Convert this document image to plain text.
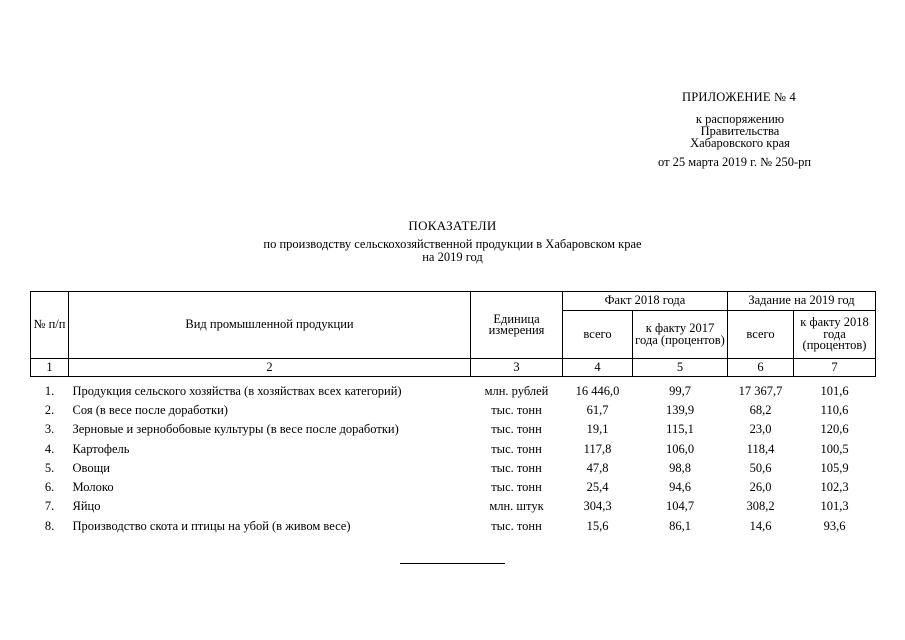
ПРИЛОЖЕНИЕ № 4
к распоряжению
Правительства
Хабаровского края
от 25 марта 2019 г. № 250-рп
ПОКАЗАТЕЛИ
по производству сельскохозяйственной продукции в Хабаровском крае
на 2019 год
№ п/п	Вид промышленной продукции	Единица измерения	Факт 2018 года		Задание на 2019 год	
			всего	к факту 2017 года (процентов)	всего	к факту 2018 года (процентов)
1	2	3	4	5	6	7

1.	Продукция сельского хозяйства (в хозяйствах всех категорий)	млн. рублей	16 446,0	99,7	17 367,7	101,6
2.	Соя (в весе после доработки)	тыс. тонн	61,7	139,9	68,2	110,6
3.	Зерновые и зернобобовые культуры (в весе после доработки)	тыс. тонн	19,1	115,1	23,0	120,6
4.	Картофель	тыс. тонн	117,8	106,0	118,4	100,5
5.	Овощи	тыс. тонн	47,8	98,8	50,6	105,9
6.	Молоко	тыс. тонн	25,4	94,6	26,0	102,3
7.	Яйцо	млн. штук	304,3	104,7	308,2	101,3
8.	Производство скота и птицы на убой (в живом весе)	тыс. тонн	15,6	86,1	14,6	93,6
